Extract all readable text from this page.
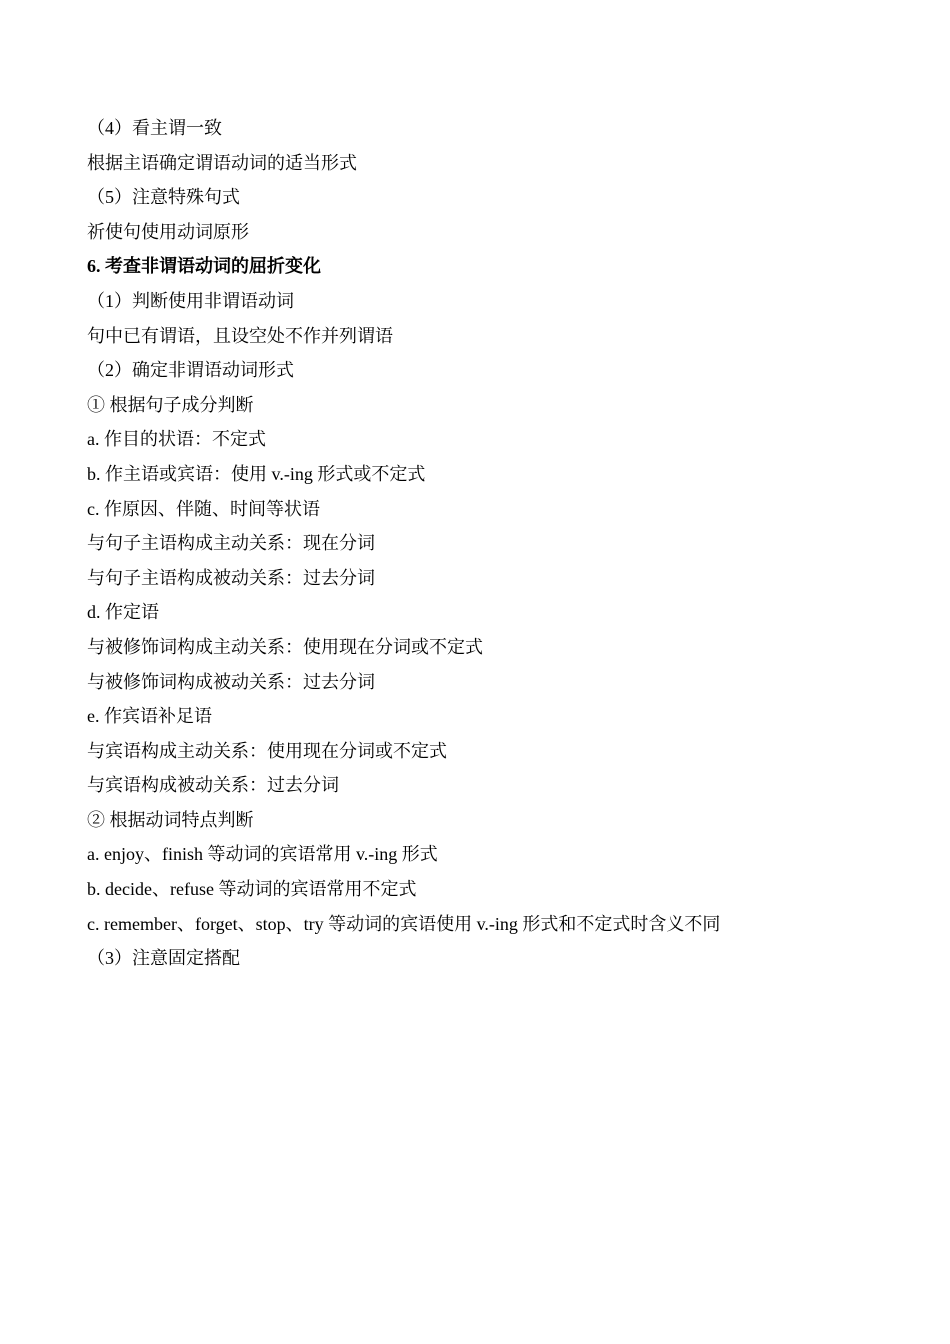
（4）看主谓一致
根据主语确定谓语动词的适当形式
（5）注意特殊句式
祈使句使用动词原形
6. 考查非谓语动词的屈折变化
（1）判断使用非谓语动词
句中已有谓语，且设空处不作并列谓语
（2）确定非谓语动词形式
① 根据句子成分判断
a. 作目的状语：不定式
b. 作主语或宾语：使用 v.-ing 形式或不定式
c. 作原因、伴随、时间等状语
与句子主语构成主动关系：现在分词
与句子主语构成被动关系：过去分词
d. 作定语
与被修饰词构成主动关系：使用现在分词或不定式
与被修饰词构成被动关系：过去分词
e. 作宾语补足语
与宾语构成主动关系：使用现在分词或不定式
与宾语构成被动关系：过去分词
② 根据动词特点判断
a. enjoy、finish 等动词的宾语常用 v.-ing 形式
b. decide、refuse 等动词的宾语常用不定式
c. remember、forget、stop、try 等动词的宾语使用 v.-ing 形式和不定式时含义不同
（3）注意固定搭配
